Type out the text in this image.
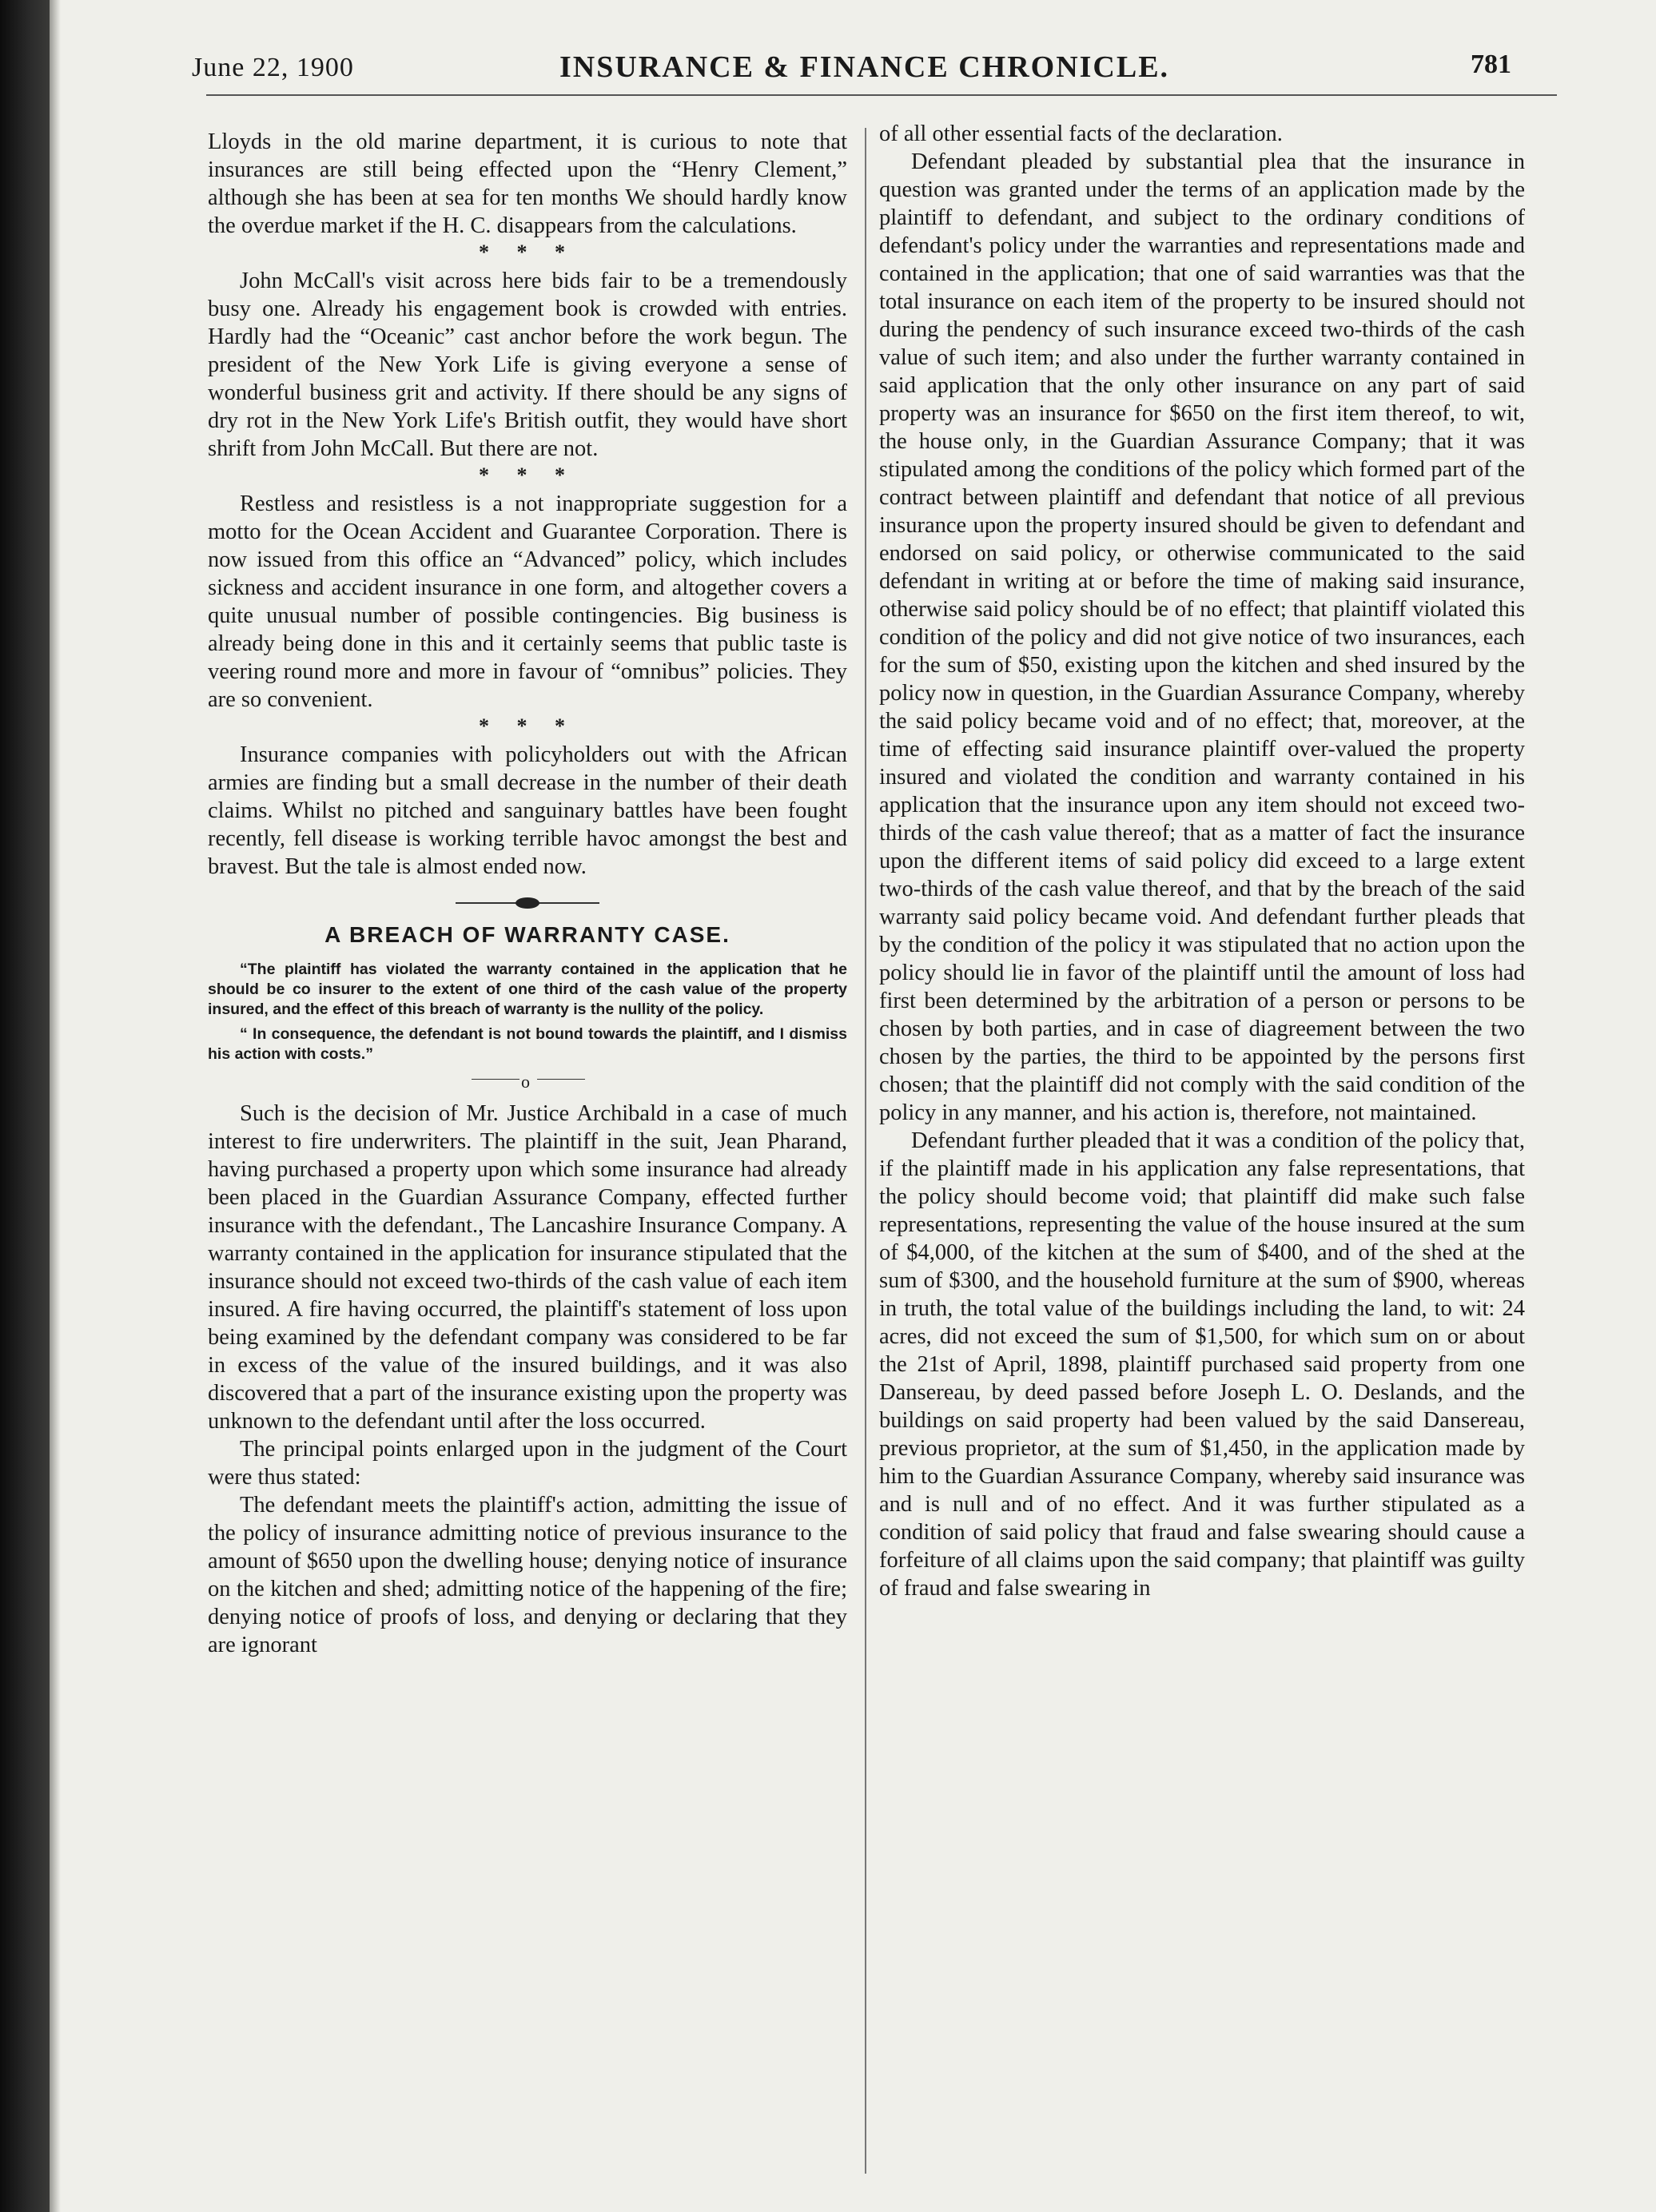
June 22, 1900	INSURANCE & FINANCE CHRONICLE.	781

Lloyds in the old marine department, it is curious to note that insurances are still being effected upon the “Henry Clement,” although she has been at sea for ten months We should hardly know the overdue market if the H. C. disappears from the calculations.

* * *

John McCall's visit across here bids fair to be a tremendously busy one. Already his engagement book is crowded with entries. Hardly had the “Oceanic” cast anchor before the work begun. The president of the New York Life is giving everyone a sense of wonderful business grit and activity. If there should be any signs of dry rot in the New York Life's British outfit, they would have short shrift from John McCall. But there are not.

* * *

Restless and resistless is a not inappropriate suggestion for a motto for the Ocean Accident and Guarantee Corporation. There is now issued from this office an “Advanced” policy, which includes sickness and accident insurance in one form, and altogether covers a quite unusual number of possible contingencies. Big business is already being done in this and it certainly seems that public taste is veering round more and more in favour of “omnibus” policies. They are so convenient.

* * *

Insurance companies with policyholders out with the African armies are finding but a small decrease in the number of their death claims. Whilst no pitched and sanguinary battles have been fought recently, fell disease is working terrible havoc amongst the best and bravest. But the tale is almost ended now.

A BREACH OF WARRANTY CASE.

“The plaintiff has violated the warranty contained in the application that he should be co insurer to the extent of one third of the cash value of the property insured, and the effect of this breach of warranty is the nullity of the policy.

“ In consequence, the defendant is not bound towards the plaintiff, and I dismiss his action with costs.”

o

Such is the decision of Mr. Justice Archibald in a case of much interest to fire underwriters. The plaintiff in the suit, Jean Pharand, having purchased a property upon which some insurance had already been placed in the Guardian Assurance Company, effected further insurance with the defendant., The Lancashire Insurance Company. A warranty contained in the application for insurance stipulated that the insurance should not exceed two-thirds of the cash value of each item insured. A fire having occurred, the plaintiff's statement of loss upon being examined by the defendant company was considered to be far in excess of the value of the insured buildings, and it was also discovered that a part of the insurance existing upon the property was unknown to the defendant until after the loss occurred.

The principal points enlarged upon in the judgment of the Court were thus stated:

The defendant meets the plaintiff's action, admitting the issue of the policy of insurance admitting notice of previous insurance to the amount of $650 upon the dwelling house; denying notice of insurance on the kitchen and shed; admitting notice of the happening of the fire; denying notice of proofs of loss, and denying or declaring that they are ignorant

of all other essential facts of the declaration.

Defendant pleaded by substantial plea that the insurance in question was granted under the terms of an application made by the plaintiff to defendant, and subject to the ordinary conditions of defendant's policy under the warranties and representations made and contained in the application; that one of said warranties was that the total insurance on each item of the property to be insured should not during the pendency of such insurance exceed two-thirds of the cash value of such item; and also under the further warranty contained in said application that the only other insurance on any part of said property was an insurance for $650 on the first item thereof, to wit, the house only, in the Guardian Assurance Company; that it was stipulated among the conditions of the policy which formed part of the contract between plaintiff and defendant that notice of all previous insurance upon the property insured should be given to defendant and endorsed on said policy, or otherwise communicated to the said defendant in writing at or before the time of making said insurance, otherwise said policy should be of no effect; that plaintiff violated this condition of the policy and did not give notice of two insurances, each for the sum of $50, existing upon the kitchen and shed insured by the policy now in question, in the Guardian Assurance Company, whereby the said policy became void and of no effect; that, moreover, at the time of effecting said insurance plaintiff over-valued the property insured and violated the condition and warranty contained in his application that the insurance upon any item should not exceed two-thirds of the cash value thereof; that as a matter of fact the insurance upon the different items of said policy did exceed to a large extent two-thirds of the cash value thereof, and that by the breach of the said warranty said policy became void. And defendant further pleads that by the condition of the policy it was stipulated that no action upon the policy should lie in favor of the plaintiff until the amount of loss had first been determined by the arbitration of a person or persons to be chosen by both parties, and in case of diagreement between the two chosen by the parties, the third to be appointed by the persons first chosen; that the plaintiff did not comply with the said condition of the policy in any manner, and his action is, therefore, not maintained.

Defendant further pleaded that it was a condition of the policy that, if the plaintiff made in his application any false representations, that the policy should become void; that plaintiff did make such false representations, representing the value of the house insured at the sum of $4,000, of the kitchen at the sum of $400, and of the shed at the sum of $300, and the household furniture at the sum of $900, whereas in truth, the total value of the buildings including the land, to wit: 24 acres, did not exceed the sum of $1,500, for which sum on or about the 21st of April, 1898, plaintiff purchased said property from one Dansereau, by deed passed before Joseph L. O. Deslands, and the buildings on said property had been valued by the said Dansereau, previous proprietor, at the sum of $1,450, in the application made by him to the Guardian Assurance Company, whereby said insurance was and is null and of no effect. And it was further stipulated as a condition of said policy that fraud and false swearing should cause a forfeiture of all claims upon the said company; that plaintiff was guilty of fraud and false swearing in
